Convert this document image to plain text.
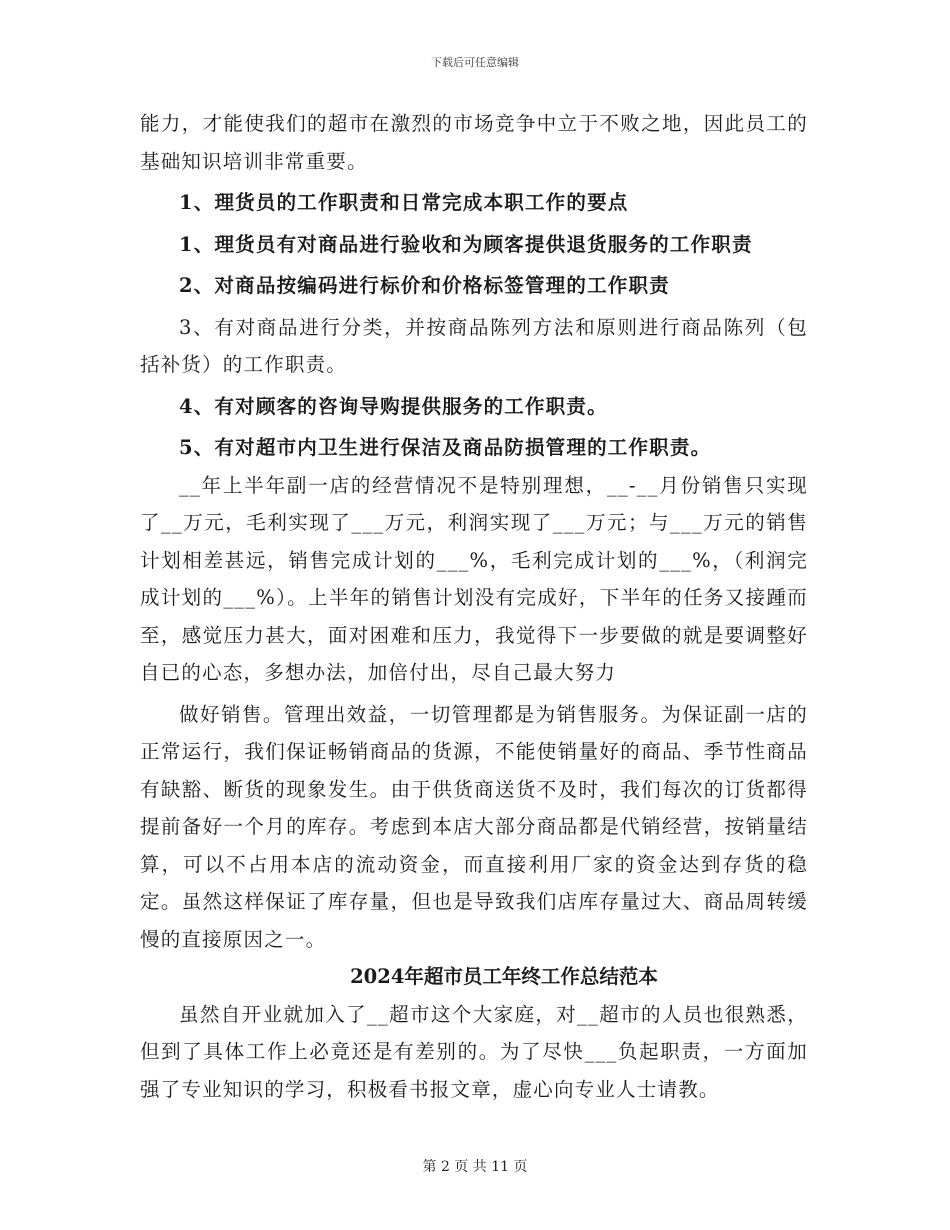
下载后可任意编辑

能力，才能使我们的超市在激烈的市场竞争中立于不败之地，因此员工的基础知识培训非常重要。

1、理货员的工作职责和日常完成本职工作的要点

1、理货员有对商品进行验收和为顾客提供退货服务的工作职责

2、对商品按编码进行标价和价格标签管理的工作职责

3、有对商品进行分类，并按商品陈列方法和原则进行商品陈列（包括补货）的工作职责。

4、有对顾客的咨询导购提供服务的工作职责。

5、有对超市内卫生进行保洁及商品防损管理的工作职责。

__年上半年副一店的经营情况不是特别理想，__-__月份销售只实现了__万元，毛利实现了___万元，利润实现了___万元；与___万元的销售计划相差甚远，销售完成计划的___%，毛利完成计划的___%，（利润完成计划的___%）。上半年的销售计划没有完成好，下半年的任务又接踵而至，感觉压力甚大，面对困难和压力，我觉得下一步要做的就是要调整好自已的心态，多想办法，加倍付出，尽自己最大努力

做好销售。管理出效益，一切管理都是为销售服务。为保证副一店的正常运行，我们保证畅销商品的货源，不能使销量好的商品、季节性商品有缺豁、断货的现象发生。由于供货商送货不及时，我们每次的订货都得提前备好一个月的库存。考虑到本店大部分商品都是代销经营，按销量结算，可以不占用本店的流动资金，而直接利用厂家的资金达到存货的稳定。虽然这样保证了库存量，但也是导致我们店库存量过大、商品周转缓慢的直接原因之一。

2024年超市员工年终工作总结范本

虽然自开业就加入了__超市这个大家庭，对__超市的人员也很熟悉，但到了具体工作上必竟还是有差别的。为了尽快___负起职责，一方面加强了专业知识的学习，积极看书报文章，虚心向专业人士请教。

第 2 页 共 11 页
